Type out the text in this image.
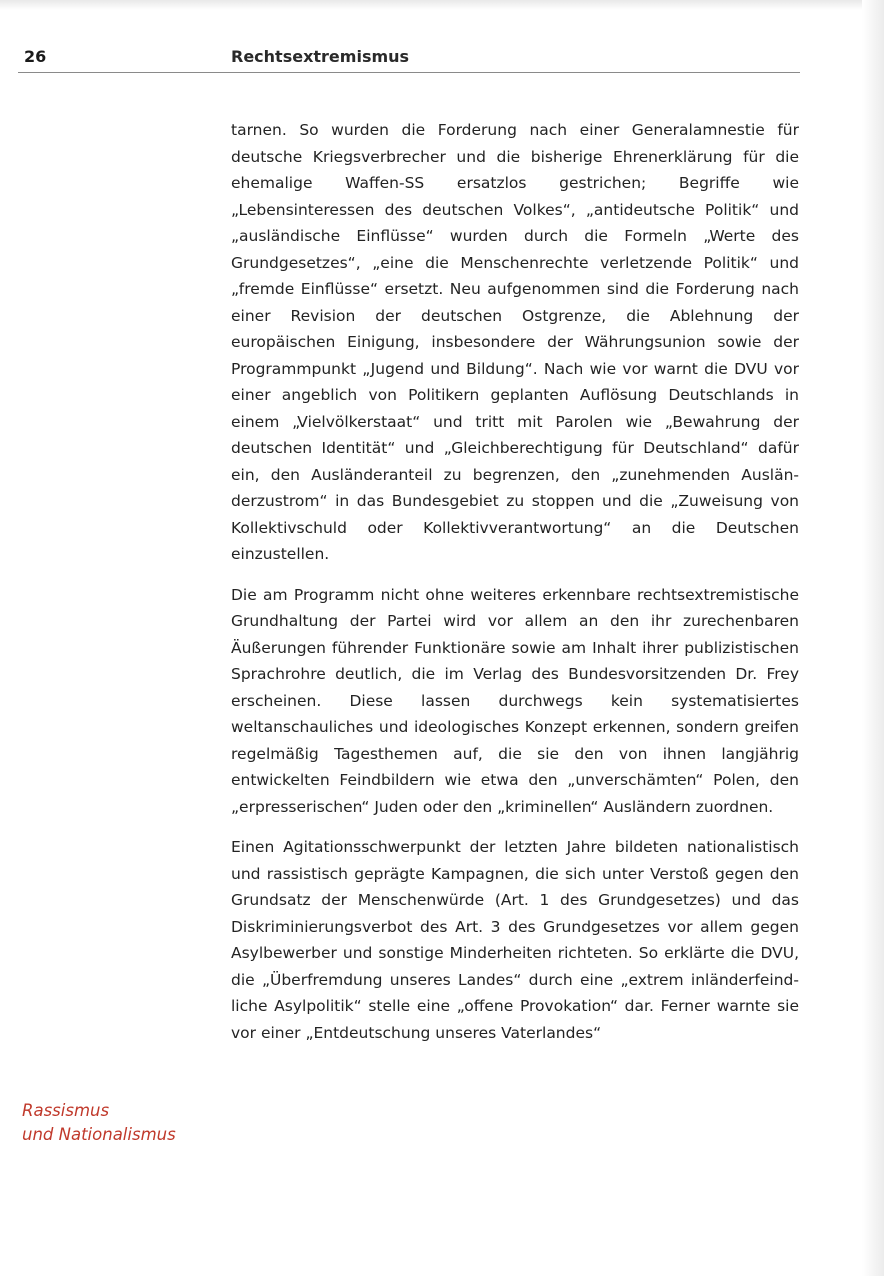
26	Rechtsextremismus
Rassismus
und Nationalismus

tarnen. So wurden die Forderung nach einer Generalamnestie für deutsche Kriegsverbrecher und die bisherige Ehrenerklärung für die ehemalige Waffen-SS ersatzlos gestrichen; Begriffe wie „Lebensinteressen des deutschen Volkes“, „antideutsche Politik“ und „ausländische Einflüsse“ wurden durch die Formeln „Werte des Grundgesetzes“, „eine die Menschenrechte verletzende Politik“ und „fremde Einflüsse“ ersetzt. Neu aufgenommen sind die Forderung nach einer Revision der deutschen Ostgrenze, die Ablehnung der europäischen Einigung, insbesondere der Währungsunion sowie der Programmpunkt „Jugend und Bildung“. Nach wie vor warnt die DVU vor einer angeblich von Politikern geplanten Auflösung Deutschlands in einem „Vielvölkerstaat“ und tritt mit Parolen wie „Bewahrung der deutschen Identität“ und „Gleichberechtigung für Deutschland“ dafür ein, den Ausländeranteil zu begrenzen, den „zunehmenden Ausländerzustrom“ in das Bundesgebiet zu stoppen und die „Zuweisung von Kollektivschuld oder Kollektivverantwortung“ an die Deutschen einzustellen.

Die am Programm nicht ohne weiteres erkennbare rechtsextremistische Grundhaltung der Partei wird vor allem an den ihr zurechenbaren Äußerungen führender Funktionäre sowie am Inhalt ihrer publizistischen Sprachrohre deutlich, die im Verlag des Bundesvorsitzenden Dr. Frey erscheinen. Diese lassen durchwegs kein systematisiertes weltanschauliches und ideologisches Konzept erkennen, sondern greifen regelmäßig Tagesthemen auf, die sie den von ihnen langjährig entwickelten Feindbildern wie etwa den „unverschämten“ Polen, den „erpresserischen“ Juden oder den „kriminellen“ Ausländern zuordnen.

Einen Agitationsschwerpunkt der letzten Jahre bildeten nationalistisch und rassistisch geprägte Kampagnen, die sich unter Verstoß gegen den Grundsatz der Menschenwürde (Art. 1 des Grundgesetzes) und das Diskriminierungsverbot des Art. 3 des Grundgesetzes vor allem gegen Asylbewerber und sonstige Minderheiten richteten. So erklärte die DVU, die „Überfremdung unseres Landes“ durch eine „extrem inländerfeindliche Asylpolitik“ stelle eine „offene Provokation“ dar. Ferner warnte sie vor einer „Entdeutschung unseres Vaterlandes“
